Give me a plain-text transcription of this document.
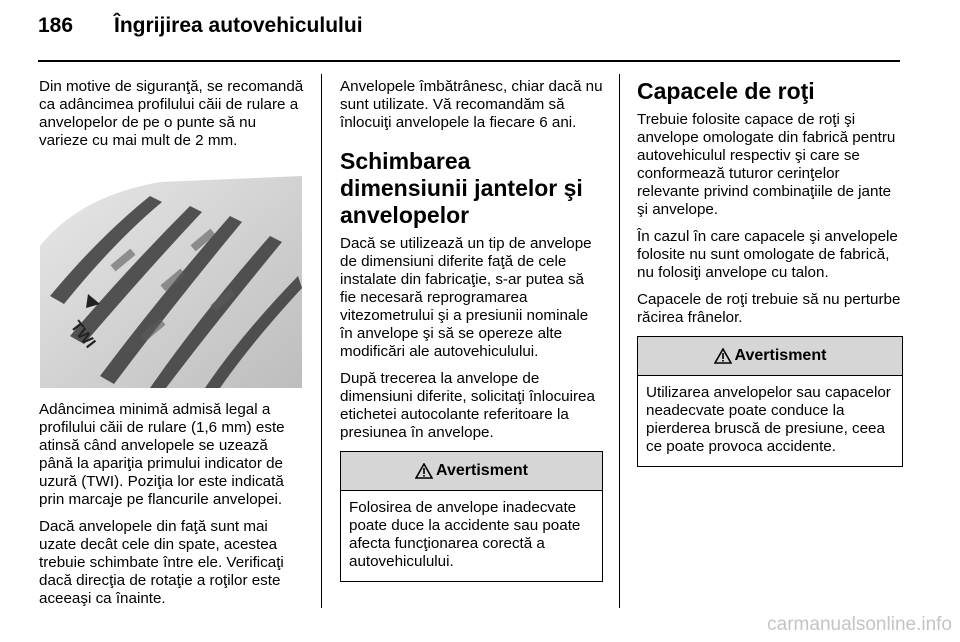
186 Îngrijirea autovehiculului

Din motive de siguranţă, se recomandă ca adâncimea profilului căii de rulare a anvelopelor de pe o punte să nu varieze cu mai mult de 2 mm.

TWI

Adâncimea minimă admisă legal a profilului căii de rulare (1,6 mm) este atinsă când anvelopele se uzează până la apariţia primului indicator de uzură (TWI). Poziţia lor este indicată prin marcaje pe flancurile anvelopei.

Dacă anvelopele din faţă sunt mai uzate decât cele din spate, acestea trebuie schimbate între ele. Verificaţi dacă direcţia de rotaţie a roţilor este aceeaşi ca înainte.

Anvelopele îmbătrânesc, chiar dacă nu sunt utilizate. Vă recomandăm să înlocuiţi anvelopele la fiecare 6 ani.

Schimbarea dimensiunii jantelor şi anvelopelor

Dacă se utilizează un tip de anvelope de dimensiuni diferite faţă de cele instalate din fabricaţie, s-ar putea să fie necesară reprogramarea vitezometrului şi a presiunii nominale în anvelope şi să se opereze alte modificări ale autovehiculului.

După trecerea la anvelope de dimensiuni diferite, solicitaţi înlocuirea etichetei autocolante referitoare la presiunea în anvelope.

Avertisment
Folosirea de anvelope inadecvate poate duce la accidente sau poate afecta funcţionarea corectă a autovehiculului.
Capacele de roţi

Trebuie folosite capace de roţi şi anvelope omologate din fabrică pentru autovehiculul respectiv şi care se conformează tuturor cerinţelor relevante privind combinaţiile de jante şi anvelope.

În cazul în care capacele şi anvelopele folosite nu sunt omologate de fabrică, nu folosiţi anvelope cu talon.

Capacele de roţi trebuie să nu perturbe răcirea frânelor.

Avertisment
Utilizarea anvelopelor sau capacelor neadecvate poate conduce la pierderea bruscă de presiune, ceea ce poate provoca accidente.
carmanualsonline.info
